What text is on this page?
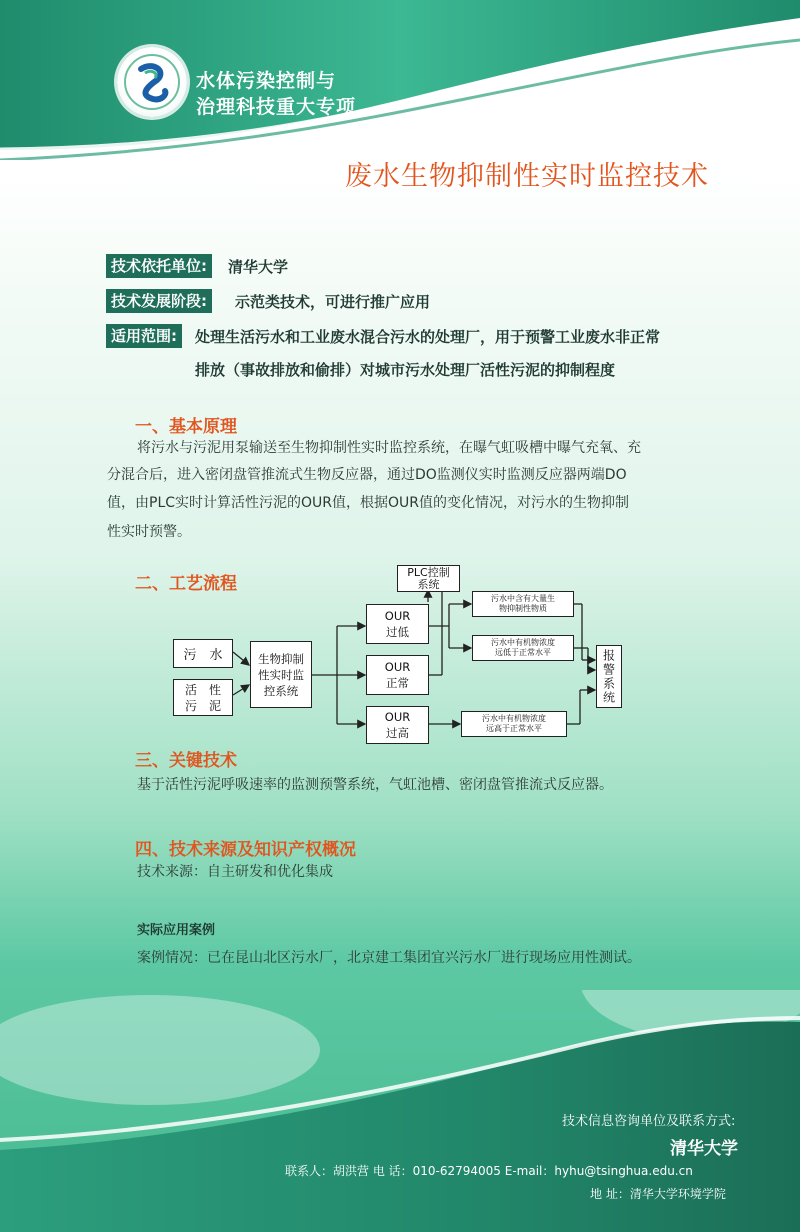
水体污染控制与
治理科技重大专项
废水生物抑制性实时监控技术
技术依托单位:	清华大学
技术发展阶段:	示范类技术，可进行推广应用
适用范围:	处理生活污水和工业废水混合污水的处理厂，用于预警工业废水非正常
排放（事故排放和偷排）对城市污水处理厂活性污泥的抑制程度
一、基本原理
将污水与污泥用泵输送至生物抑制性实时监控系统，在曝气虹吸槽中曝气充氧、充
分混合后，进入密闭盘管推流式生物反应器，通过DO监测仪实时监测反应器两端DO
值，由PLC实时计算活性污泥的OUR值，根据OUR值的变化情况，对污水的生物抑制
性实时预警。
二、工艺流程
污　水
活　性
污　泥
生物抑制
性实时监
控系统
PLC控制
系统
OUR
过低
OUR
正常
OUR
过高
污水中含有大量生
物抑制性物质
污水中有机物浓度
远低于正常水平
污水中有机物浓度
远高于正常水平
报警系统
三、关键技术
基于活性污泥呼吸速率的监测预警系统，气虹池槽、密闭盘管推流式反应器。
四、技术来源及知识产权概况
技术来源：自主研发和优化集成
实际应用案例
案例情况：已在昆山北区污水厂，北京建工集团宜兴污水厂进行现场应用性测试。
技术信息咨询单位及联系方式:
清华大学
联系人：胡洪营 电 话：010-62794005 E-mail：hyhu@tsinghua.edu.cn
地 址：清华大学环境学院
